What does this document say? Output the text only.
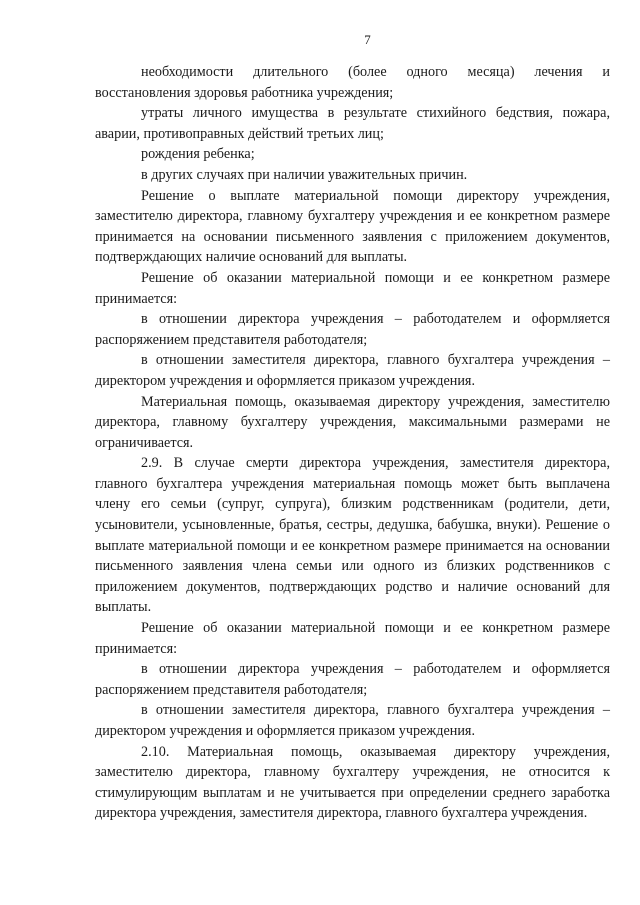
7

необходимости длительного (более одного месяца) лечения и восстановления здоровья работника учреждения;

утраты личного имущества в результате стихийного бедствия, пожара, аварии, противоправных действий третьих лиц;

рождения ребенка;

в других случаях при наличии уважительных причин.

Решение о выплате материальной помощи директору учреждения, заместителю директора, главному бухгалтеру учреждения и ее конкретном размере принимается на основании письменного заявления с приложением документов, подтверждающих наличие оснований для выплаты.

Решение об оказании материальной помощи и ее конкретном размере принимается:

в отношении директора учреждения – работодателем и оформляется распоряжением представителя работодателя;

в отношении заместителя директора, главного бухгалтера учреждения – директором учреждения и оформляется приказом учреждения.

Материальная помощь, оказываемая директору учреждения, заместителю директора, главному бухгалтеру учреждения, максимальными размерами не ограничивается.

2.9. В случае смерти директора учреждения, заместителя директора, главного бухгалтера учреждения материальная помощь может быть выплачена члену его семьи (супруг, супруга), близким родственникам (родители, дети, усыновители, усыновленные, братья, сестры, дедушка, бабушка, внуки). Решение о выплате материальной помощи и ее конкретном размере принимается на основании письменного заявления члена семьи или одного из близких родственников с приложением документов, подтверждающих родство и наличие оснований для выплаты.

Решение об оказании материальной помощи и ее конкретном размере принимается:

в отношении директора учреждения – работодателем и оформляется распоряжением представителя работодателя;

в отношении заместителя директора, главного бухгалтера учреждения – директором учреждения и оформляется приказом учреждения.

2.10. Материальная помощь, оказываемая директору учреждения, заместителю директора, главному бухгалтеру учреждения, не относится к стимулирующим выплатам и не учитывается при определении среднего заработка директора учреждения, заместителя директора, главного бухгалтера учреждения.
